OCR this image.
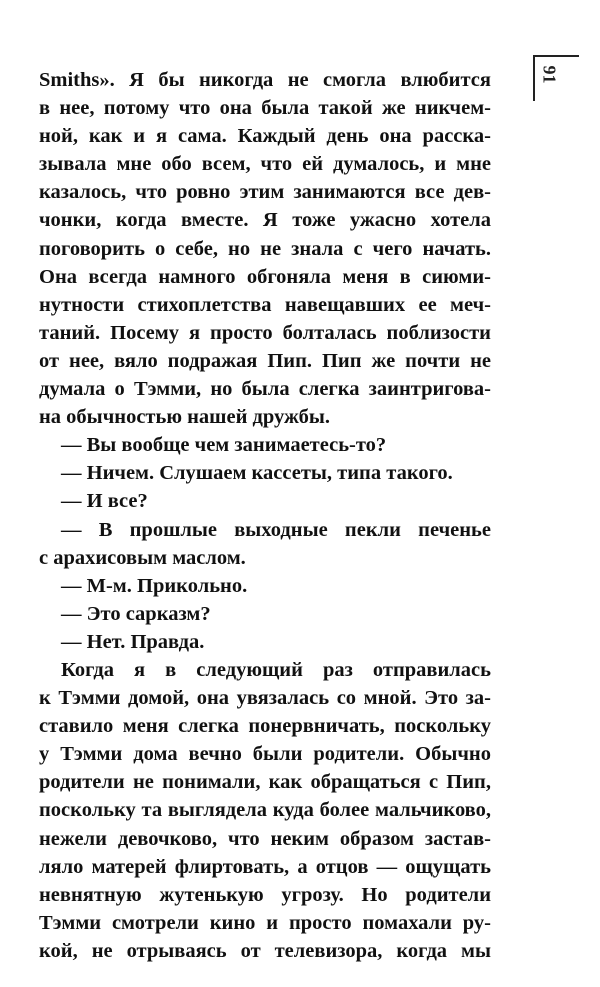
91
Smiths». Я бы никогда не смогла влюбится
в нее, потому что она была такой же никчем-
ной, как и я сама. Каждый день она расска-
зывала мне обо всем, что ей думалось, и мне
казалось, что ровно этим занимаются все дев-
чонки, когда вместе. Я тоже ужасно хотела
поговорить о себе, но не знала с чего начать.
Она всегда намного обгоняла меня в сиюми-
нутности стихоплетства навещавших ее меч-
таний. Посему я просто болталась поблизости
от нее, вяло подражая Пип. Пип же почти не
думала о Тэмми, но была слегка заинтригова-
на обычностью нашей дружбы.
— Вы вообще чем занимаетесь-то?
— Ничем. Слушаем кассеты, типа такого.
— И все?
— В прошлые выходные пекли печенье
с арахисовым маслом.
— М-м. Прикольно.
— Это сарказм?
— Нет. Правда.
Когда я в следующий раз отправилась
к Тэмми домой, она увязалась со мной. Это за-
ставило меня слегка понервничать, поскольку
у Тэмми дома вечно были родители. Обычно
родители не понимали, как обращаться с Пип,
поскольку та выглядела куда более мальчиково,
нежели девочково, что неким образом застав-
ляло матерей флиртовать, а отцов — ощущать
невнятную жутенькую угрозу. Но родители
Тэмми смотрели кино и просто помахали ру-
кой, не отрываясь от телевизора, когда мы
